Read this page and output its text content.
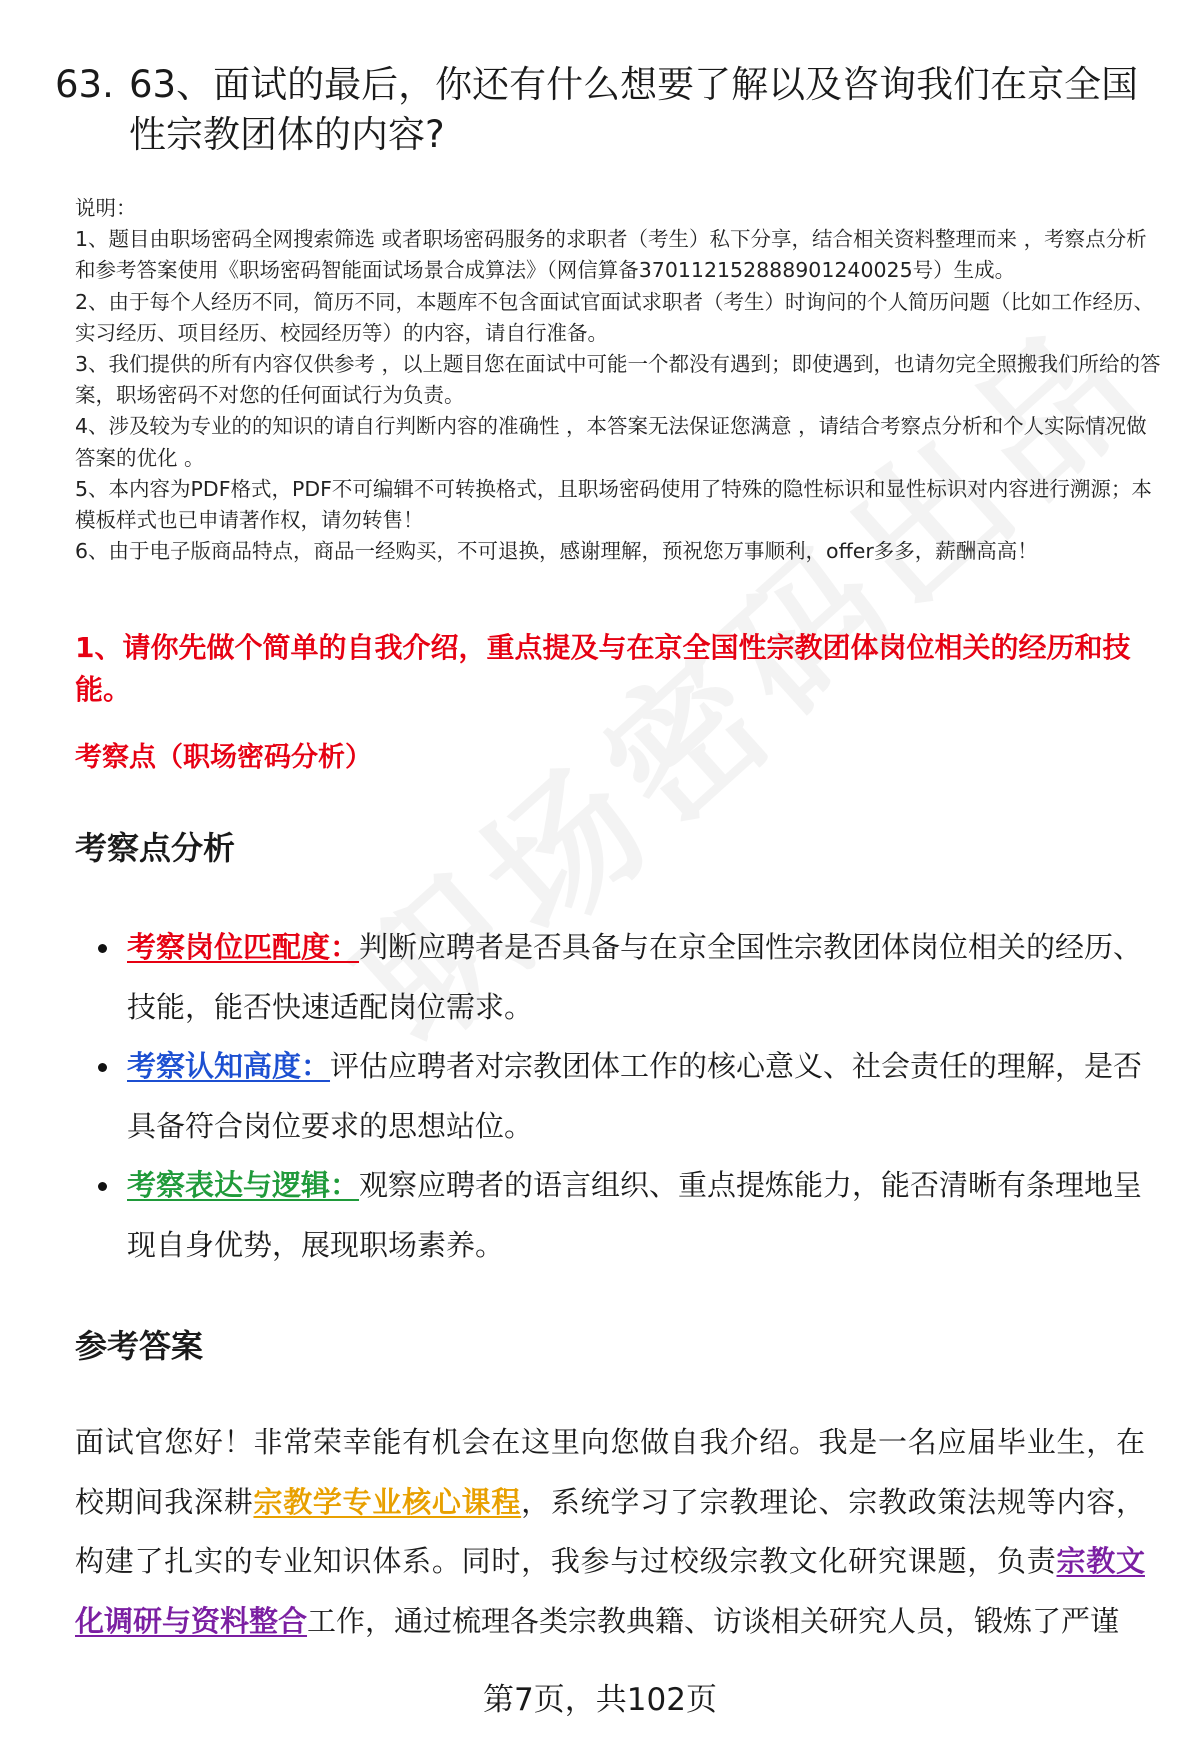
63. 63、面试的最后，你还有什么想要了解以及咨询我们在京全国性宗教团体的内容?

说明：

1、题目由职场密码全网搜索筛选 或者职场密码服务的求职者（考生）私下分享，结合相关资料整理而来 ，考察点分析和参考答案使用《职场密码智能面试场景合成算法》（网信算备370112152888901240025号）生成。

2、由于每个人经历不同，简历不同，本题库不包含面试官面试求职者（考生）时询问的个人简历问题（比如工作经历、实习经历、项目经历、校园经历等）的内容，请自行准备。

3、我们提供的所有内容仅供参考 ，以上题目您在面试中可能一个都没有遇到；即使遇到，也请勿完全照搬我们所给的答案，职场密码不对您的任何面试行为负责。

4、涉及较为专业的的知识的请自行判断内容的准确性 ，本答案无法保证您满意 ，请结合考察点分析和个人实际情况做答案的优化 。

5、本内容为PDF格式，PDF不可编辑不可转换格式，且职场密码使用了特殊的隐性标识和显性标识对内容进行溯源；本模板样式也已申请著作权，请勿转售！

6、由于电子版商品特点，商品一经购买，不可退换，感谢理解，预祝您万事顺利，offer多多，薪酬高高！

1、请你先做个简单的自我介绍，重点提及与在京全国性宗教团体岗位相关的经历和技能。

考察点（职场密码分析）
考察点分析
考察岗位匹配度：判断应聘者是否具备与在京全国性宗教团体岗位相关的经历、技能，能否快速适配岗位需求。
考察认知高度：评估应聘者对宗教团体工作的核心意义、社会责任的理解，是否具备符合岗位要求的思想站位。
考察表达与逻辑：观察应聘者的语言组织、重点提炼能力，能否清晰有条理地呈现自身优势，展现职场素养。
参考答案

面试官您好！非常荣幸能有机会在这里向您做自我介绍。我是一名应届毕业生，在校期间我深耕宗教学专业核心课程，系统学习了宗教理论、宗教政策法规等内容，构建了扎实的专业知识体系。同时，我参与过校级宗教文化研究课题，负责宗教文化调研与资料整合工作，通过梳理各类宗教典籍、访谈相关研究人员，锻炼了严谨

第7页，共102页
